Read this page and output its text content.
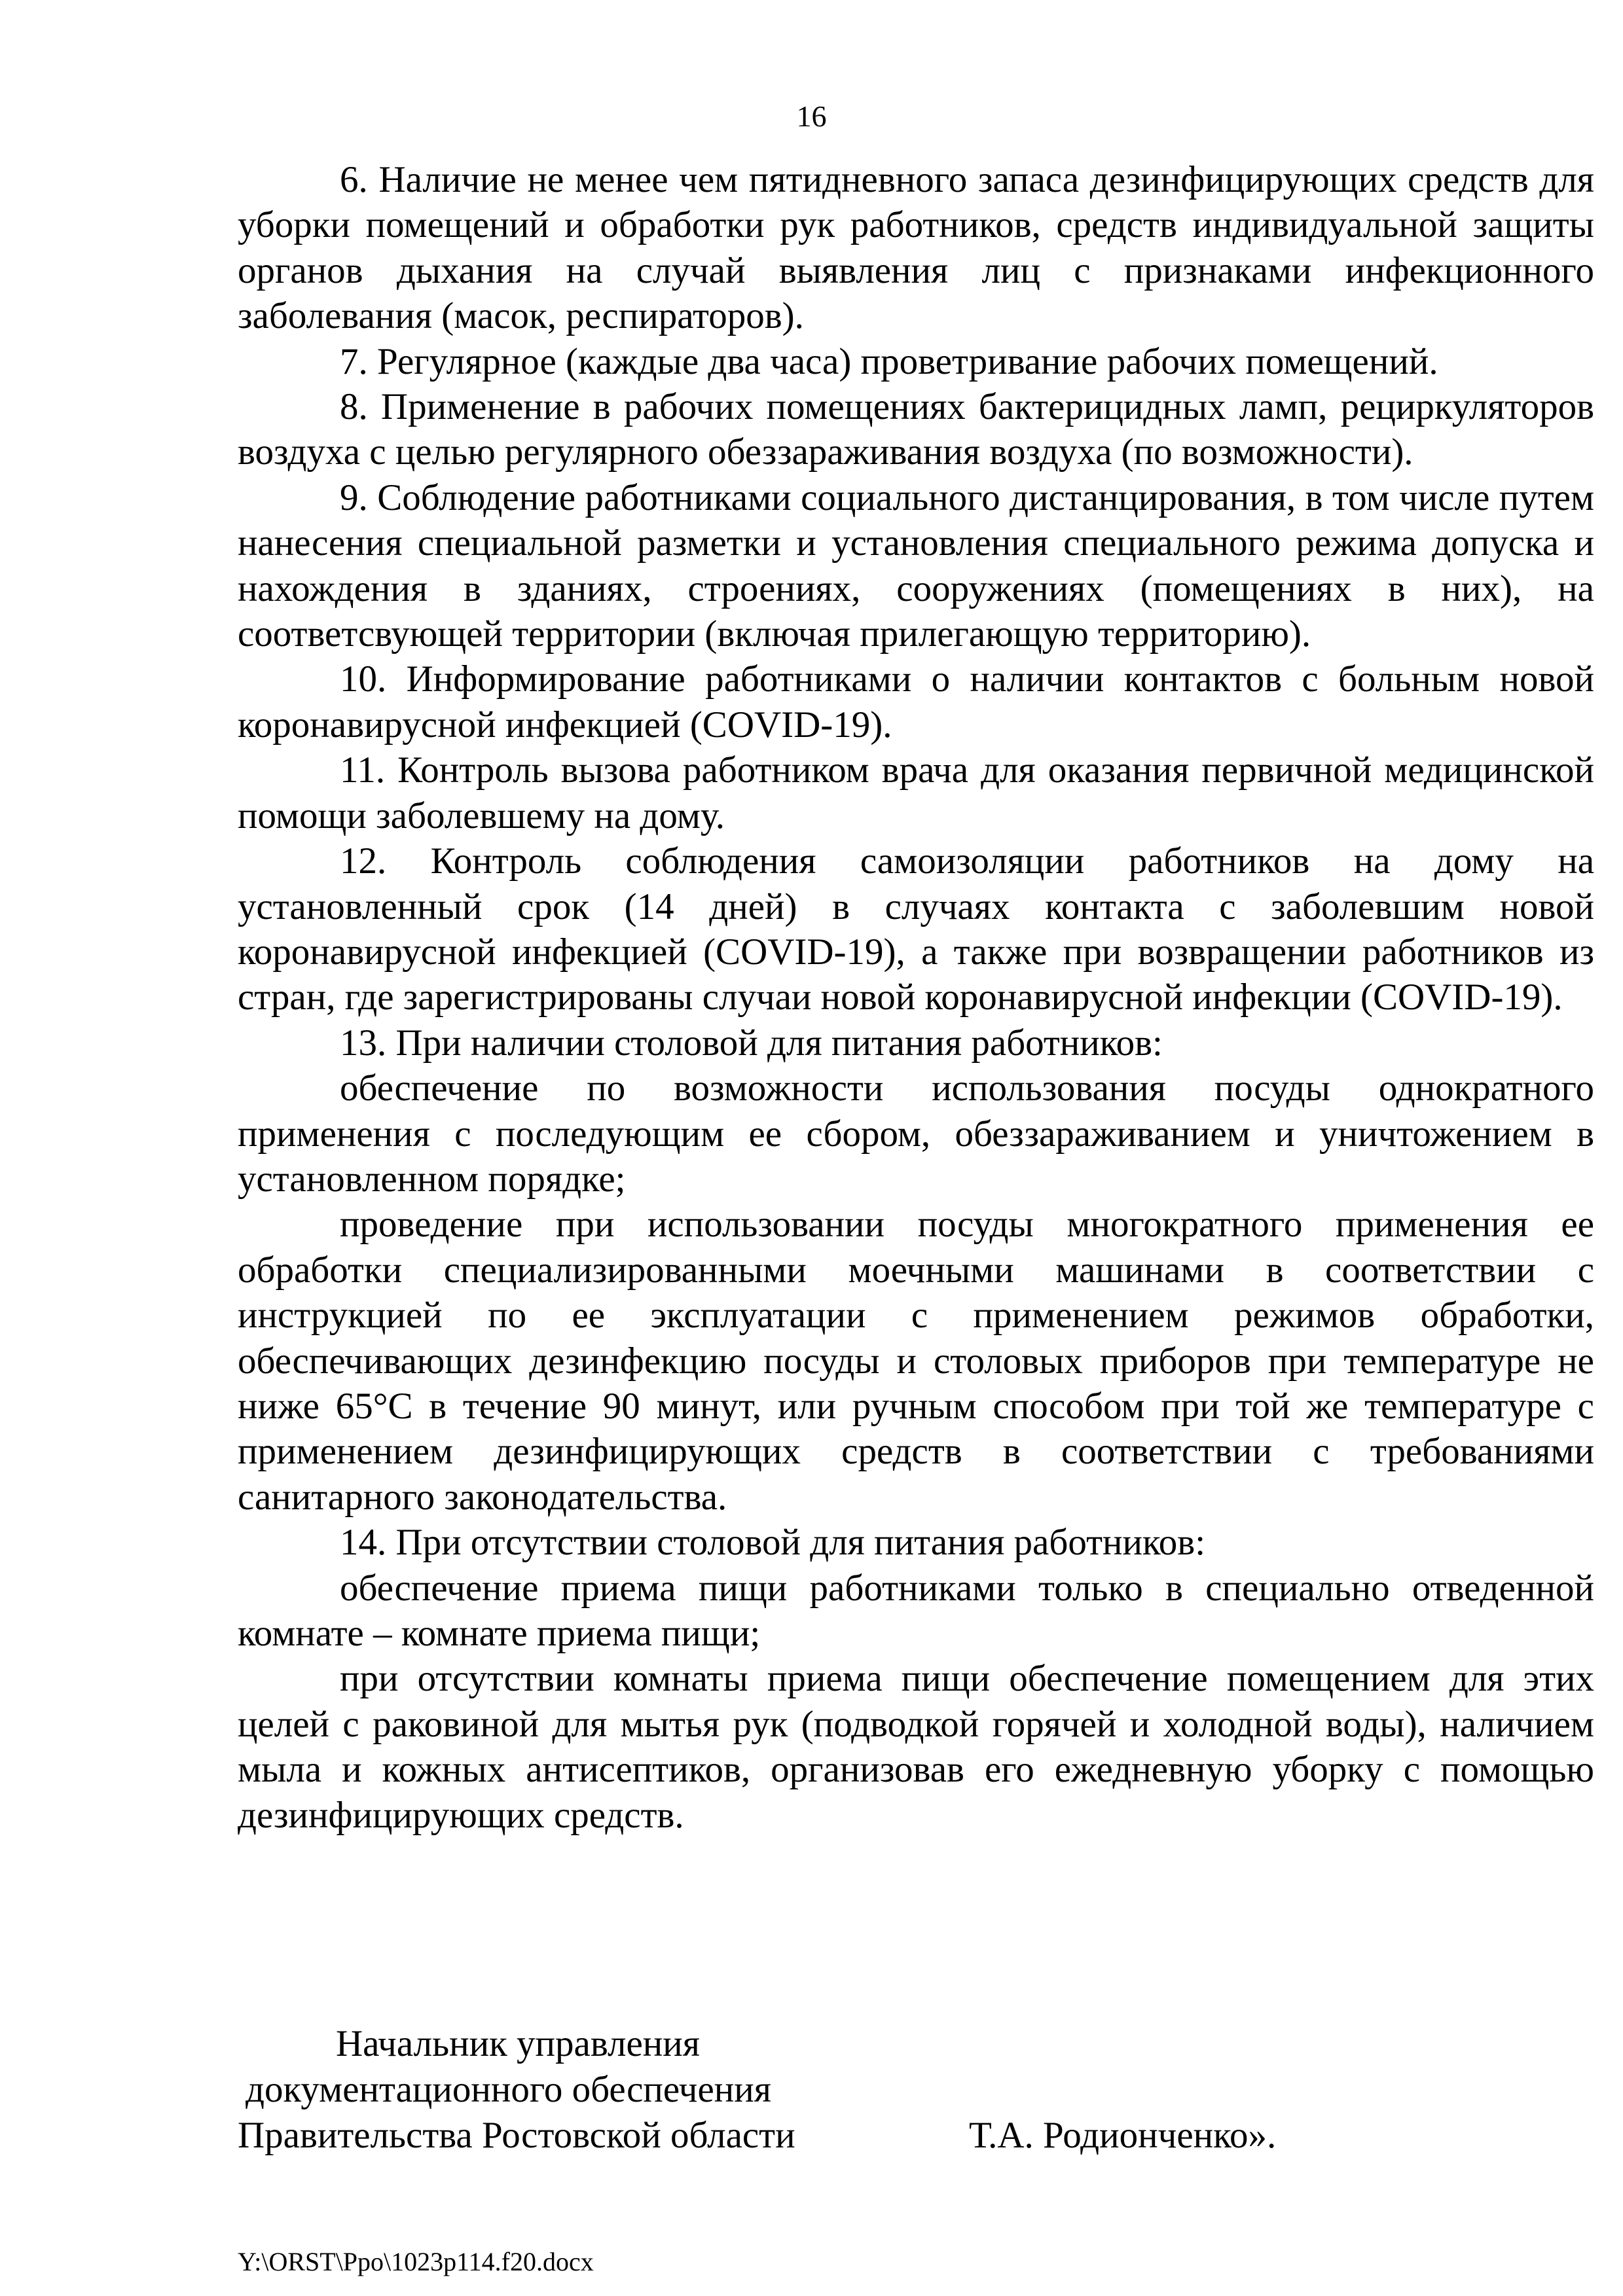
16

6. Наличие не менее чем пятидневного запаса дезинфицирующих средств для уборки помещений и обработки рук работников, средств индивидуальной защиты органов дыхания на случай выявления лиц с признаками инфекционного заболевания (масок, респираторов).

7. Регулярное (каждые два часа) проветривание рабочих помещений.

8. Применение в рабочих помещениях бактерицидных ламп, рециркуляторов воздуха с целью регулярного обеззараживания воздуха (по возможности).

9. Соблюдение работниками социального дистанцирования, в том числе путем нанесения специальной разметки и установления специального режима допуска и нахождения в зданиях, строениях, сооружениях (помещениях в них), на соответсвующей территории (включая прилегающую территорию).

10. Информирование работниками о наличии контактов с больным новой коронавирусной инфекцией (COVID-19).

11. Контроль вызова работником врача для оказания первичной медицинской помощи заболевшему на дому.

12. Контроль соблюдения самоизоляции работников на дому на установленный срок (14 дней) в случаях контакта с заболевшим новой коронавирусной инфекцией (COVID-19), а также при возвращении работников из стран, где зарегистрированы случаи новой коронавирусной инфекции (COVID-19).

13. При наличии столовой для питания работников:

обеспечение по возможности использования посуды однократного применения с последующим ее сбором, обеззараживанием и уничтожением в установленном порядке;

проведение при использовании посуды многократного применения ее обработки специализированными моечными машинами в соответствии с инструкцией по ее эксплуатации с применением режимов обработки, обеспечивающих дезинфекцию посуды и столовых приборов при температуре не ниже 65°С в течение 90 минут, или ручным способом при той же температуре с применением дезинфицирующих средств в соответствии с требованиями санитарного законодательства.

14. При отсутствии столовой для питания работников:

обеспечение приема пищи работниками только в специально отведенной комнате – комнате приема пищи;

при отсутствии комнаты приема пищи обеспечение помещением для этих целей с раковиной для мытья рук (подводкой горячей и холодной воды), наличием мыла и кожных антисептиков, организовав его ежедневную уборку с помощью дезинфицирующих средств.

Начальник управления
документационного обеспечения
Правительства Ростовской области	Т.А. Родионченко».
Y:\ORST\Ppo\1023p114.f20.docx
